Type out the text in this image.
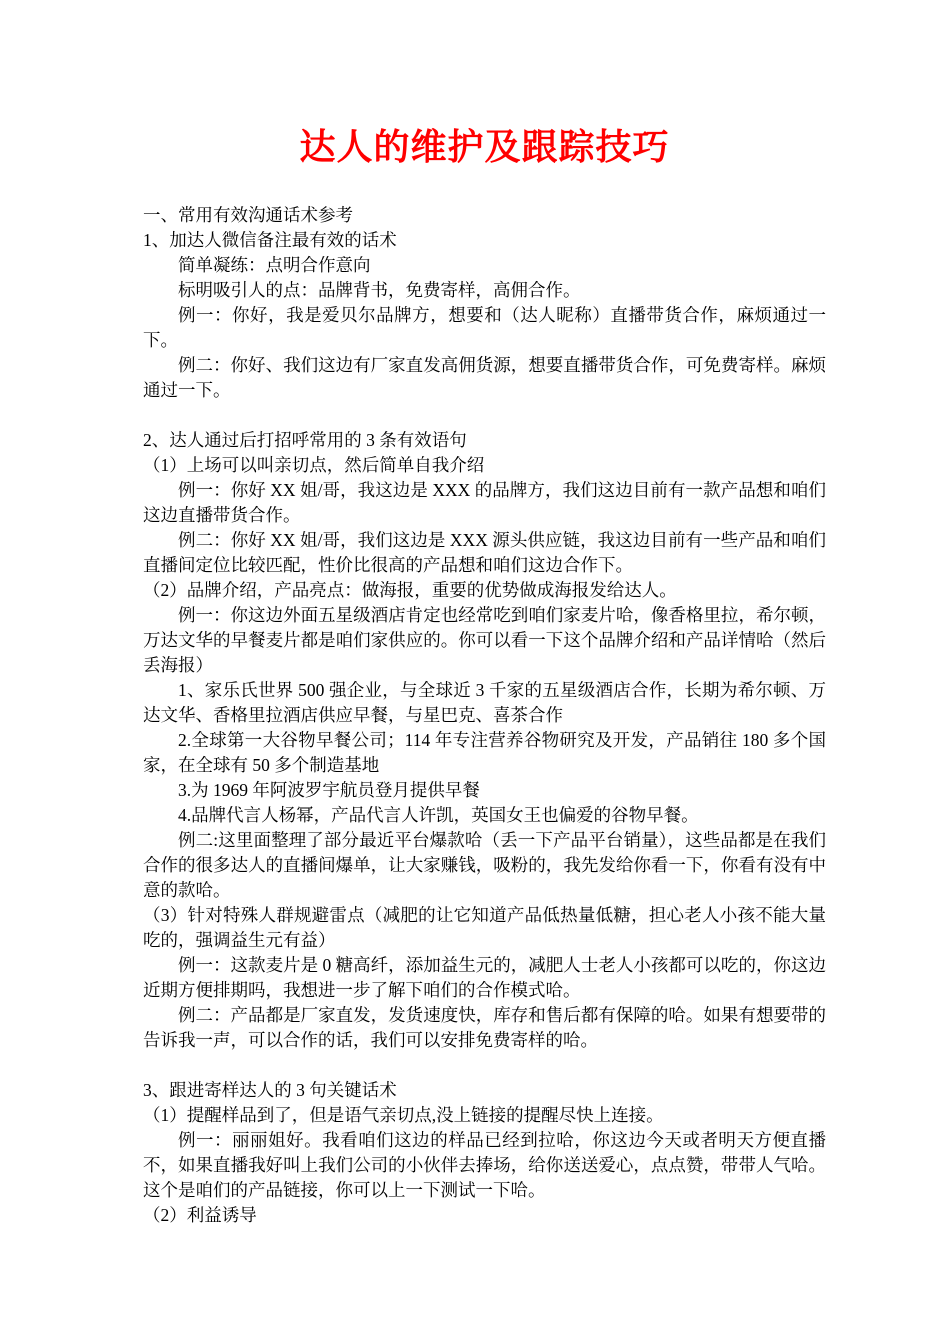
达人的维护及跟踪技巧

一、常用有效沟通话术参考

1、加达人微信备注最有效的话术

简单凝练：点明合作意向

标明吸引人的点：品牌背书，免费寄样，高佣合作。

例一：你好，我是爱贝尔品牌方，想要和（达人昵称）直播带货合作，麻烦通过一下。

例二：你好、我们这边有厂家直发高佣货源，想要直播带货合作，可免费寄样。麻烦通过一下。

2、达人通过后打招呼常用的 3 条有效语句

（1）上场可以叫亲切点，然后简单自我介绍

例一：你好 XX 姐/哥，我这边是 XXX 的品牌方，我们这边目前有一款产品想和咱们这边直播带货合作。

例二：你好 XX 姐/哥，我们这边是 XXX 源头供应链，我这边目前有一些产品和咱们直播间定位比较匹配，性价比很高的产品想和咱们这边合作下。

（2）品牌介绍，产品亮点：做海报，重要的优势做成海报发给达人。

例一：你这边外面五星级酒店肯定也经常吃到咱们家麦片哈，像香格里拉，希尔顿，万达文华的早餐麦片都是咱们家供应的。你可以看一下这个品牌介绍和产品详情哈（然后丢海报）

1、家乐氏世界 500 强企业，与全球近 3 千家的五星级酒店合作，长期为希尔顿、万达文华、香格里拉酒店供应早餐，与星巴克、喜茶合作

2.全球第一大谷物早餐公司；114 年专注营养谷物研究及开发，产品销往 180 多个国家，在全球有 50 多个制造基地

3.为 1969 年阿波罗宇航员登月提供早餐

4.品牌代言人杨幂，产品代言人许凯，英国女王也偏爱的谷物早餐。

例二:这里面整理了部分最近平台爆款哈（丢一下产品平台销量），这些品都是在我们合作的很多达人的直播间爆单，让大家赚钱，吸粉的，我先发给你看一下，你看有没有中意的款哈。

（3）针对特殊人群规避雷点（减肥的让它知道产品低热量低糖，担心老人小孩不能大量吃的，强调益生元有益）

例一：这款麦片是 0 糖高纤，添加益生元的，减肥人士老人小孩都可以吃的，你这边近期方便排期吗，我想进一步了解下咱们的合作模式哈。

例二：产品都是厂家直发，发货速度快，库存和售后都有保障的哈。如果有想要带的告诉我一声，可以合作的话，我们可以安排免费寄样的哈。

3、跟进寄样达人的 3 句关键话术

（1）提醒样品到了，但是语气亲切点,没上链接的提醒尽快上连接。

例一：丽丽姐好。我看咱们这边的样品已经到拉哈，你这边今天或者明天方便直播不，如果直播我好叫上我们公司的小伙伴去捧场，给你送送爱心，点点赞，带带人气哈。这个是咱们的产品链接，你可以上一下测试一下哈。

（2）利益诱导
